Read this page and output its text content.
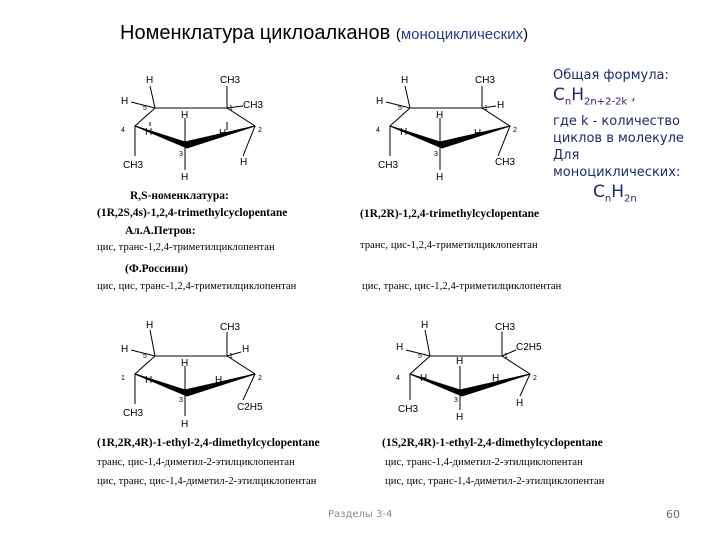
Номенклатура циклоалканов (моноциклических)
Общая формула:
$C_nH_{2n+2-2k}$ ,
где k - количество
циклов в молекуле
Для
моноциклических:
$C_nH_{2n}$
H	CH3
H	CH3
H
H	H
CH3
H
H
5	1
4	2
3
H	CH3
H	H
H
H	H
CH3
H
CH3
5	1
4	2
3
R,S-номенклатура:
(1R,2S,4s)-1,2,4-trimethylcyclopentane
Ал.А.Петров:
цис, транс-1,2,4-триметилциклопентан
(Ф.Россини)
цис, цис, транс-1,2,4-триметилциклопентан
(1R,2R)-1,2,4-trimethylcyclopentane
транс, цис-1,2,4-триметилциклопентан
цис, транс, цис-1,2,4-триметилциклопентан
H	CH3
H	H
H
H	H
CH3
H
C2H5
5	1
1	2
3
H	CH3
H	C2H5
H
H	H
CH3
H
H
5	1
4	2
3
(1R,2R,4R)-1-ethyl-2,4-dimethylcyclopentane
транс, цис-1,4-диметил-2-этилциклопентан
цис, транс, цис-1,4-диметил-2-этилциклопентан
(1S,2R,4R)-1-ethyl-2,4-dimethylcyclopentane
цис, транс-1,4-диметил-2-этилциклопентан
цис, цис, транс-1,4-диметил-2-этилциклопентан
Разделы 3-4	60
